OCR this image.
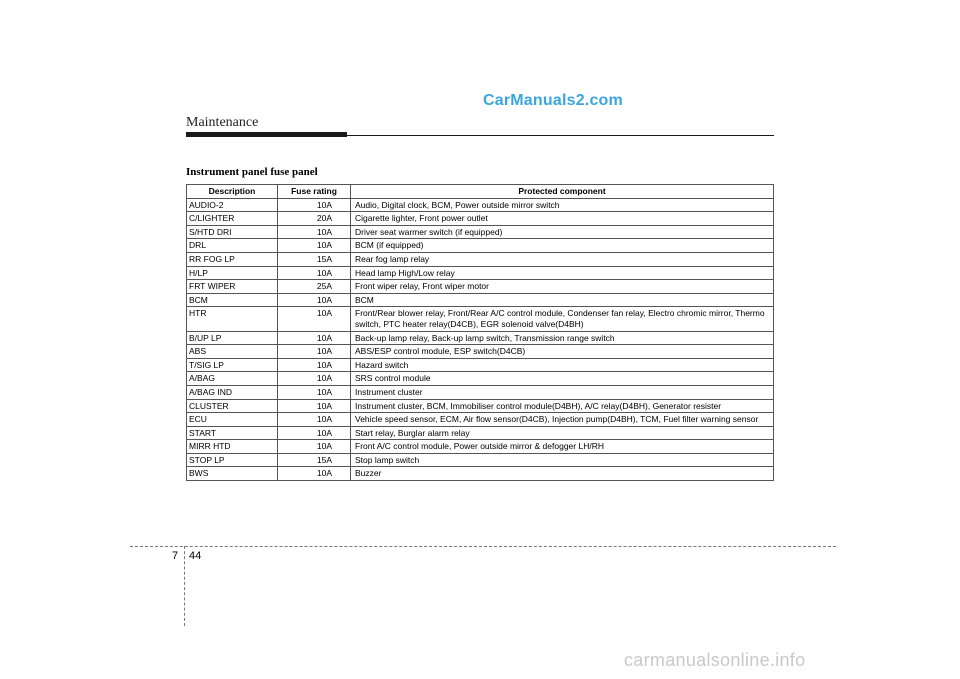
CarManuals2.com
Maintenance
Instrument panel fuse panel
Description	Fuse rating	Protected component
AUDIO-2	10A	Audio, Digital clock, BCM, Power outside mirror switch
C/LIGHTER	20A	Cigarette lighter, Front power outlet
S/HTD DRI	10A	Driver seat warmer switch (if equipped)
DRL	10A	BCM (if equipped)
RR FOG LP	15A	Rear fog lamp relay
H/LP	10A	Head lamp High/Low relay
FRT WIPER	25A	Front wiper relay, Front wiper motor
BCM	10A	BCM
HTR	10A	Front/Rear blower relay, Front/Rear A/C control module, Condenser fan relay, Electro chromic mirror, Thermo switch, PTC heater relay(D4CB), EGR solenoid valve(D4BH)
B/UP LP	10A	Back-up lamp relay, Back-up lamp switch, Transmission range switch
ABS	10A	ABS/ESP control module, ESP switch(D4CB)
T/SIG LP	10A	Hazard switch
A/BAG	10A	SRS control module
A/BAG IND	10A	Instrument cluster
CLUSTER	10A	Instrument cluster, BCM, Immobiliser control module(D4BH), A/C relay(D4BH), Generator resister
ECU	10A	Vehicle speed sensor, ECM, Air flow sensor(D4CB), Injection pump(D4BH), TCM, Fuel filter warning sensor
START	10A	Start relay, Burglar alarm relay
MIRR HTD	10A	Front A/C control module, Power outside mirror & defogger LH/RH
STOP LP	15A	Stop lamp switch
BWS	10A	Buzzer
7 44
carmanualsonline.info
